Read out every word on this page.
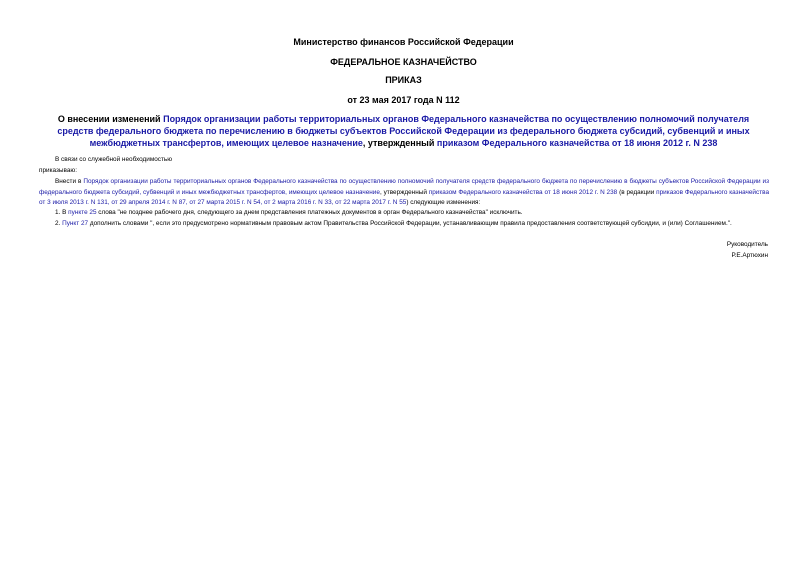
Министерство финансов Российской Федерации
ФЕДЕРАЛЬНОЕ КАЗНАЧЕЙСТВО
ПРИКАЗ
от 23 мая 2017 года N 112
О внесении изменений Порядок организации работы территориальных органов Федерального казначейства по осуществлению полномочий получателя средств федерального бюджета по перечислению в бюджеты субъектов Российской Федерации из федерального бюджета субсидий, субвенций и иных межбюджетных трансфертов, имеющих целевое назначение, утвержденный приказом Федерального казначейства от 18 июня 2012 г. N 238
В связи со служебной необходимостью
приказываю:
Внести в Порядок организации работы территориальных органов Федерального казначейства по осуществлению полномочий получателя средств федерального бюджета по перечислению в бюджеты субъектов Российской Федерации из федерального бюджета субсидий, субвенций и иных межбюджетных трансфертов, имеющих целевое назначение, утвержденный приказом Федерального казначейства от 18 июня 2012 г. N 238 (в редакции приказов Федерального казначейства от 3 июля 2013 г. N 131, от 29 апреля 2014 г. N 87, от 27 марта 2015 г. N 54, от 2 марта 2016 г. N 33, от 22 марта 2017 г. N 55) следующие изменения:
1. В пункте 25 слова "не позднее рабочего дня, следующего за днем представления платежных документов в орган Федерального казначейства" исключить.
2. Пункт 27 дополнить словами ", если это предусмотрено нормативным правовым актом Правительства Российской Федерации, устанавливающим правила предоставления соответствующей субсидии, и (или) Соглашением.".
Руководитель
Р.Е.Артюхин
